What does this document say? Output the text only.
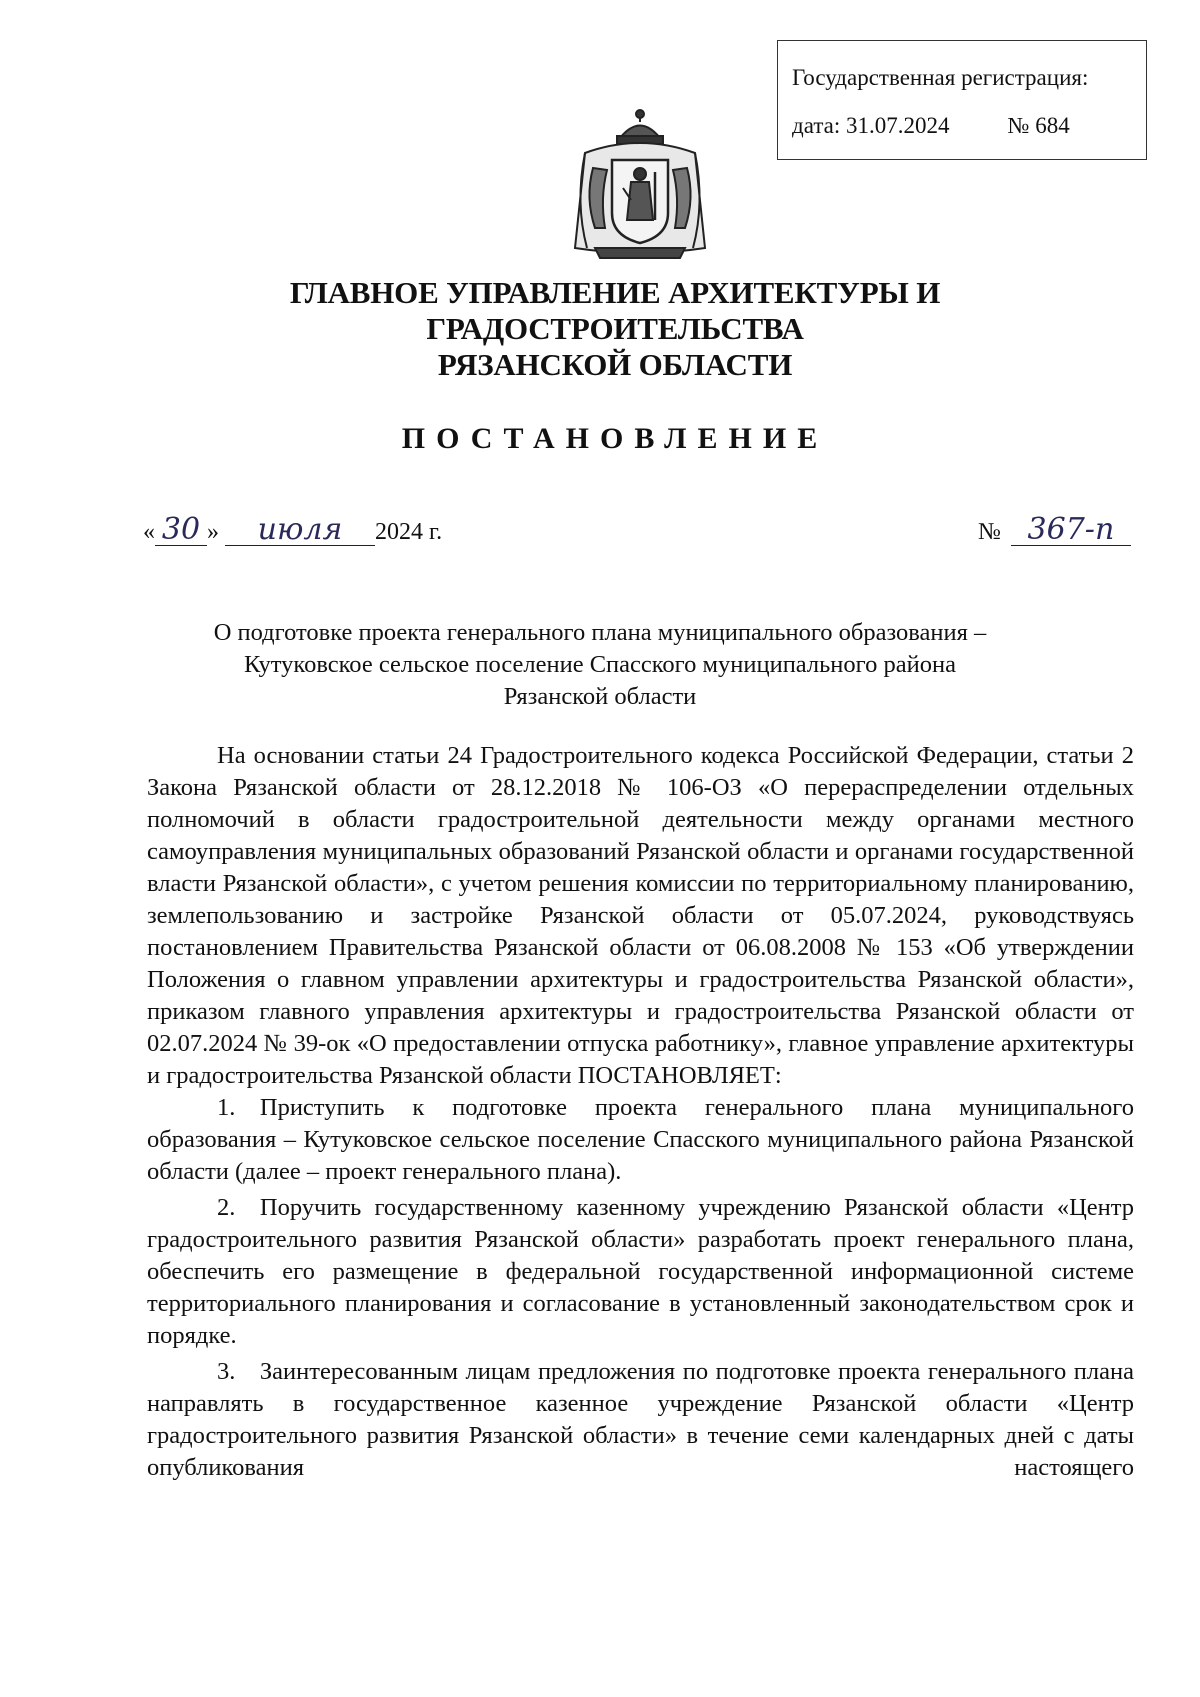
Государственная регистрация:
дата: 31.07.2024	№ 684
ГЛАВНОЕ УПРАВЛЕНИЕ АРХИТЕКТУРЫ И ГРАДОСТРОИТЕЛЬСТВА
РЯЗАНСКОЙ ОБЛАСТИ
ПОСТАНОВЛЕНИЕ
« 30 »	июля	2024 г.	№ 367-п
О подготовке проекта генерального плана муниципального образования –
Кутуковское сельское поселение Спасского муниципального района
Рязанской области

На основании статьи 24 Градостроительного кодекса Российской Федерации, статьи 2 Закона Рязанской области от 28.12.2018 № 106-ОЗ «О перераспределении отдельных полномочий в области градостроительной деятельности между органами местного самоуправления муниципальных образований Рязанской области и органами государственной власти Рязанской области», с учетом решения комиссии по территориальному планированию, землепользованию и застройке Рязанской области от 05.07.2024, руководствуясь постановлением Правительства Рязанской области от 06.08.2008 № 153 «Об утверждении Положения о главном управлении архитектуры и градостроительства Рязанской области», приказом главного управления архитектуры и градостроительства Рязанской области от 02.07.2024 № 39-ок «О предоставлении отпуска работнику», главное управление архитектуры и градостроительства Рязанской области ПОСТАНОВЛЯЕТ:

1. Приступить к подготовке проекта генерального плана муниципального образования – Кутуковское сельское поселение Спасского муниципального района Рязанской области (далее – проект генерального плана).

2. Поручить государственному казенному учреждению Рязанской области «Центр градостроительного развития Рязанской области» разработать проект генерального плана, обеспечить его размещение в федеральной государственной информационной системе территориального планирования и согласование в установленный законодательством срок и порядке.

3. Заинтересованным лицам предложения по подготовке проекта генерального плана направлять в государственное казенное учреждение Рязанской области «Центр градостроительного развития Рязанской области» в течение семи календарных дней с даты опубликования настоящего
